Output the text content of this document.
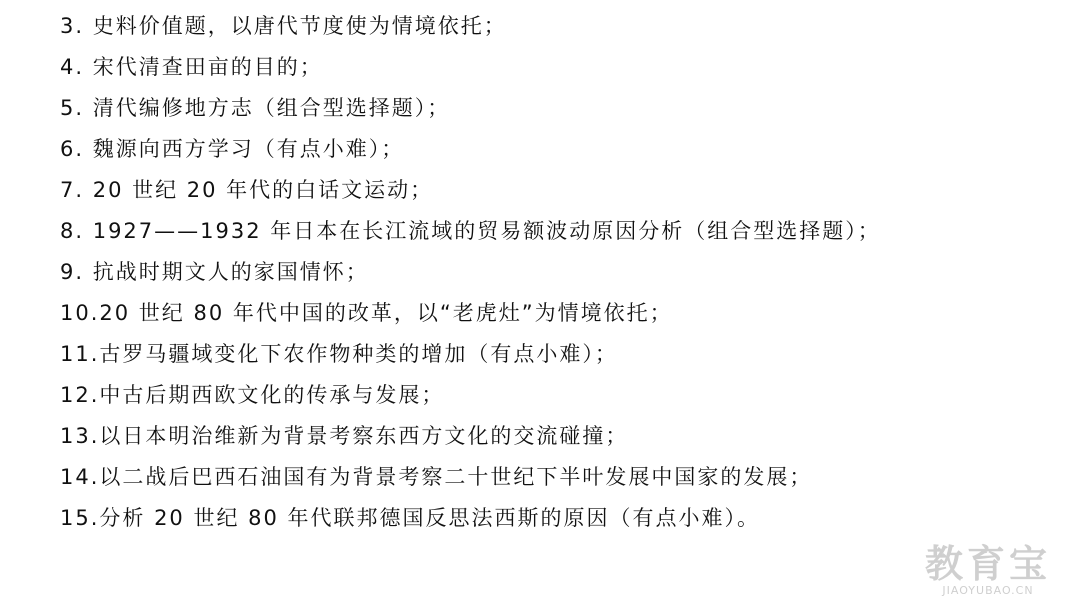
3. 史料价值题，以唐代节度使为情境依托；
4. 宋代清查田亩的目的；
5. 清代编修地方志（组合型选择题）；
6. 魏源向西方学习（有点小难）；
7. 20 世纪 20 年代的白话文运动；
8. 1927——1932 年日本在长江流域的贸易额波动原因分析（组合型选择题）；
9. 抗战时期文人的家国情怀；
10.20 世纪 80 年代中国的改革，以“老虎灶”为情境依托；
11.古罗马疆域变化下农作物种类的增加（有点小难）；
12.中古后期西欧文化的传承与发展；
13.以日本明治维新为背景考察东西方文化的交流碰撞；
14.以二战后巴西石油国有为背景考察二十世纪下半叶发展中国家的发展；
15.分析 20 世纪 80 年代联邦德国反思法西斯的原因（有点小难）。
教育宝
JIAOYUBAO.CN
